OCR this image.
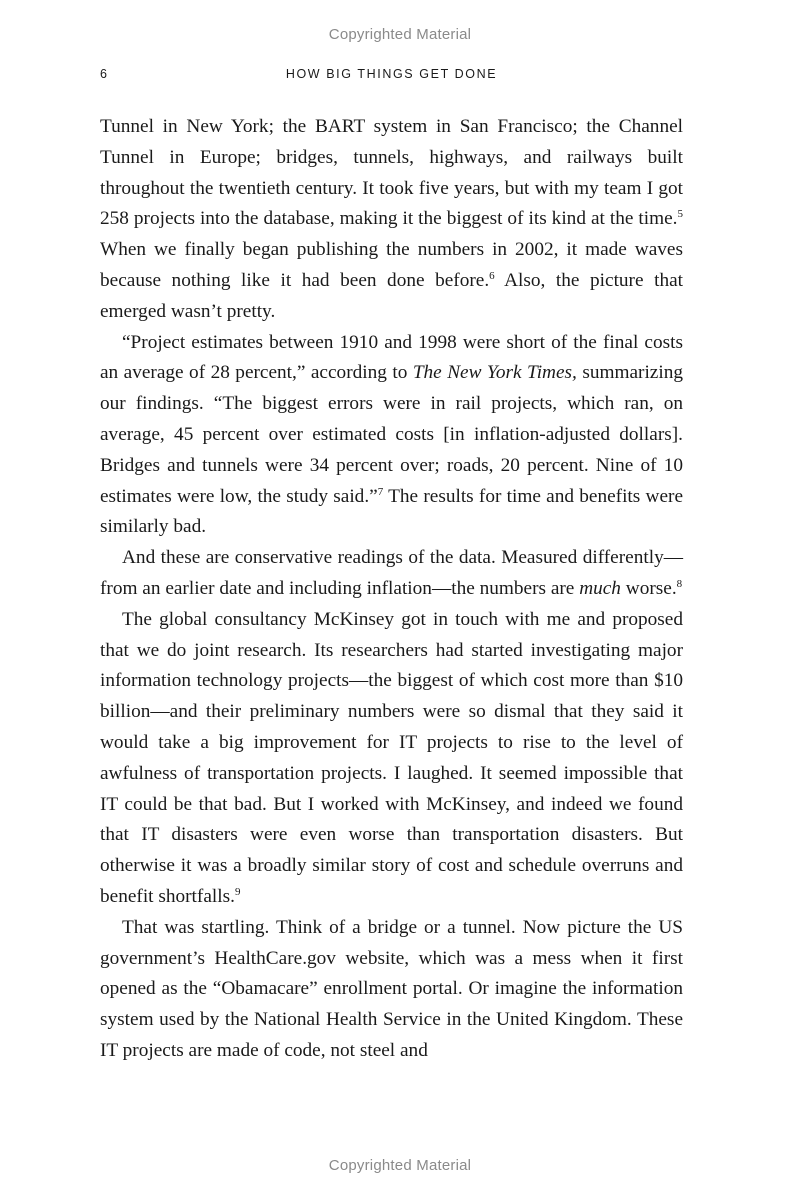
Copyrighted Material
6	HOW BIG THINGS GET DONE

Tunnel in New York; the BART system in San Francisco; the Channel Tunnel in Europe; bridges, tunnels, highways, and railways built throughout the twentieth century. It took five years, but with my team I got 258 projects into the database, making it the biggest of its kind at the time.$^5$ When we finally began publishing the numbers in 2002, it made waves because nothing like it had been done before.$^6$ Also, the picture that emerged wasn’t pretty.

“Project estimates between 1910 and 1998 were short of the final costs an average of 28 percent,” according to The New York Times, summarizing our findings. “The biggest errors were in rail projects, which ran, on average, 45 percent over estimated costs [in inflation-adjusted dollars]. Bridges and tunnels were 34 percent over; roads, 20 percent. Nine of 10 estimates were low, the study said.”$^7$ The results for time and benefits were similarly bad.

And these are conservative readings of the data. Measured differently—from an earlier date and including inflation—the numbers are much worse.$^8$

The global consultancy McKinsey got in touch with me and proposed that we do joint research. Its researchers had started investigating major information technology projects—the biggest of which cost more than $10 billion—and their preliminary numbers were so dismal that they said it would take a big improvement for IT projects to rise to the level of awfulness of transportation projects. I laughed. It seemed impossible that IT could be that bad. But I worked with McKinsey, and indeed we found that IT disasters were even worse than transportation disasters. But otherwise it was a broadly similar story of cost and schedule overruns and benefit shortfalls.$^9$

That was startling. Think of a bridge or a tunnel. Now picture the US government’s HealthCare.gov website, which was a mess when it first opened as the “Obamacare” enrollment portal. Or imagine the information system used by the National Health Service in the United Kingdom. These IT projects are made of code, not steel and

Copyrighted Material
